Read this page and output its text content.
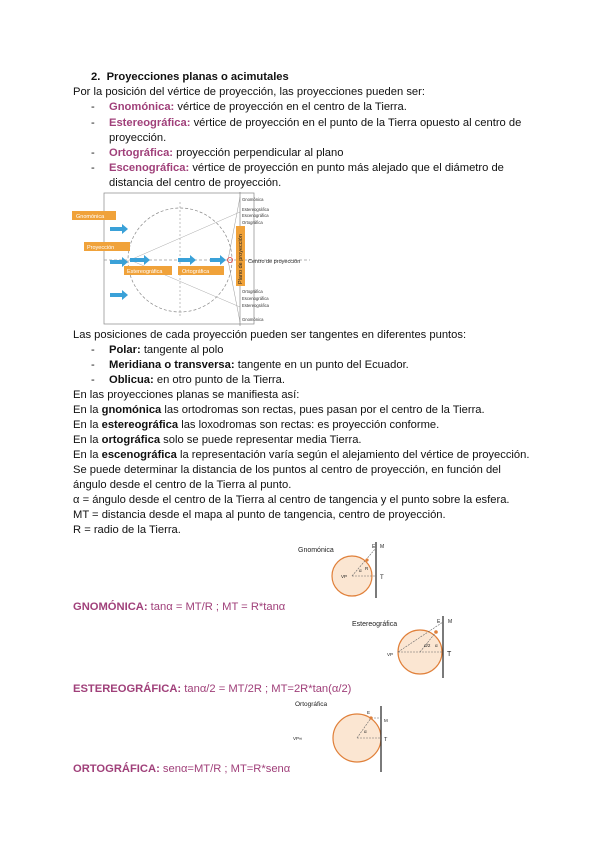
2. Proyecciones planas o acimutales
Por la posición del vértice de proyección, las proyecciones pueden ser:
- Gnomónica: vértice de proyección en el centro de la Tierra.
- Estereográfica: vértice de proyección en el punto de la Tierra opuesto al centro de
proyección.
- Ortográfica: proyección perpendicular al plano
- Escenográfica: vértice de proyección en punto más alejado que el diámetro de
distancia del centro de proyección.
Plano de proyección Centro de proyección
Gnomónica
Proyección
Estereográfica	Ortográfica
Gnomónica
Estereográfica
Escenográfica
Ortográfica
Ortográfica
Escenográfica
Estereográfica
Gnomónica
Las posiciones de cada proyección pueden ser tangentes en diferentes puntos:
- Polar: tangente al polo
- Meridiana o transversa: tangente en un punto del Ecuador.
- Oblicua: en otro punto de la Tierra.
En las proyecciones planas se manifiesta así:
En la gnomónica las ortodromas son rectas, pues pasan por el centro de la Tierra.
En la estereográfica las loxodromas son rectas: es proyección conforme.
En la ortográfica solo se puede representar media Tierra.
En la escenográfica la representación varía según el alejamiento del vértice de proyección.
Se puede determinar la distancia de los puntos al centro de proyección, en función del
ángulo desde el centro de la Tierra al punto.
α = ángulo desde el centro de la Tierra al centro de tangencia y el punto sobre la esfera.
MT = distancia desde el mapa al punto de tangencia, centro de proyección.
R = radio de la Tierra.
Gnomónica	E M
T
VP
α R
GNOMÓNICA: tanα = MT/R ; MT = R*tanα
Estereográfica	E M
T
VP
α/2 α
ESTEREOGRÁFICA: tanα/2 = MT/2R ; MT=2R*tan(α/2)
Ortográfica
E
M
T
VP∞
α
ORTOGRÁFICA: senα=MT/R ; MT=R*senα
